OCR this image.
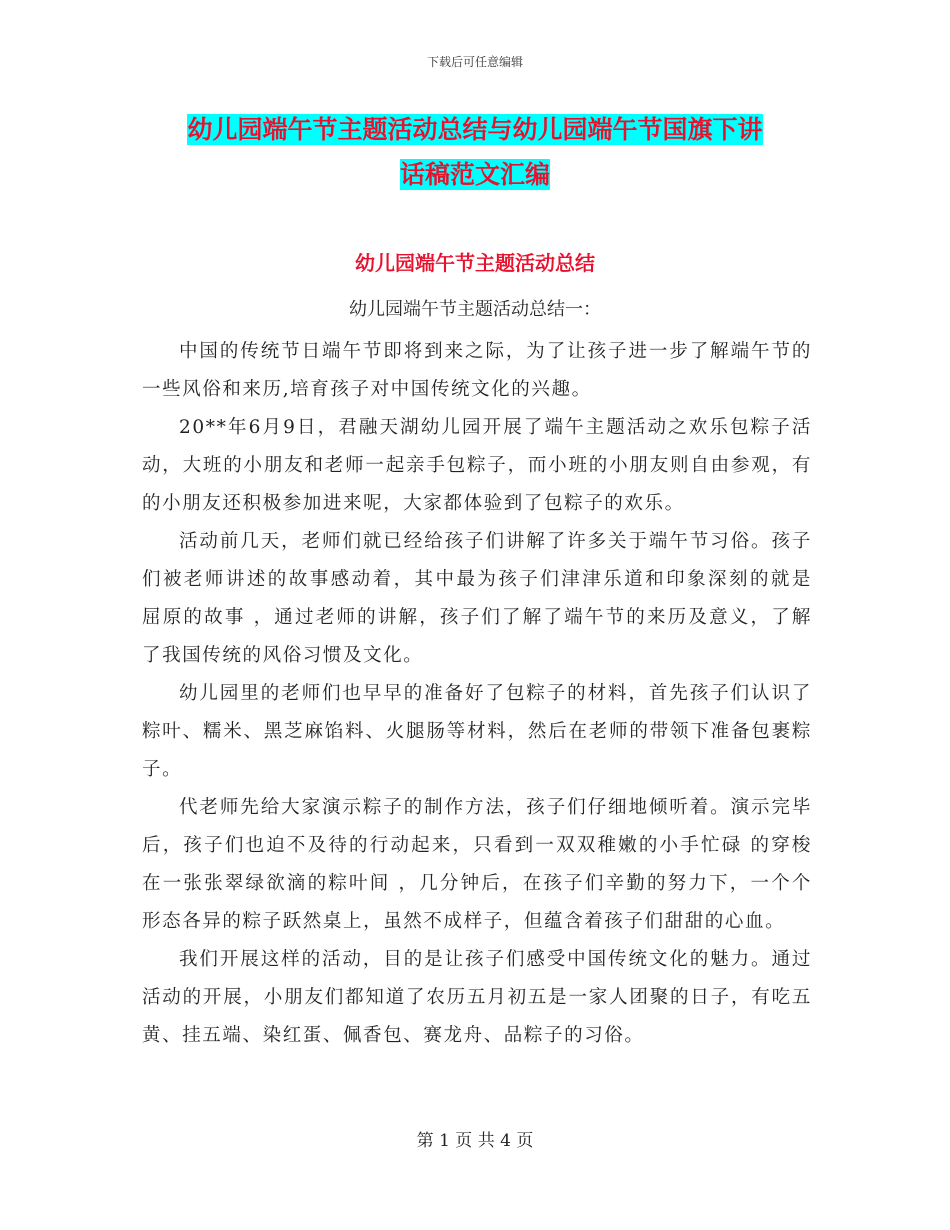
下载后可任意编辑
幼儿园端午节主题活动总结与幼儿园端午节国旗下讲
话稿范文汇编
幼儿园端午节主题活动总结
幼儿园端午节主题活动总结一：

中国的传统节日端午节即将到来之际，为了让孩子进一步了解端午节的一些风俗和来历,培育孩子对中国传统文化的兴趣。

20**年6月9日，君融天湖幼儿园开展了端午主题活动之欢乐包粽子活动，大班的小朋友和老师一起亲手包粽子，而小班的小朋友则自由参观，有的小朋友还积极参加进来呢，大家都体验到了包粽子的欢乐。

活动前几天，老师们就已经给孩子们讲解了许多关于端午节习俗。孩子们被老师讲述的故事感动着，其中最为孩子们津津乐道和印象深刻的就是 屈原的故事 ，通过老师的讲解，孩子们了解了端午节的来历及意义，了解了我国传统的风俗习惯及文化。

幼儿园里的老师们也早早的准备好了包粽子的材料，首先孩子们认识了粽叶、糯米、黑芝麻馅料、火腿肠等材料，然后在老师的带领下准备包裹粽子。

代老师先给大家演示粽子的制作方法，孩子们仔细地倾听着。演示完毕后，孩子们也迫不及待的行动起来，只看到一双双稚嫩的小手忙碌 的穿梭在一张张翠绿欲滴的粽叶间 ，几分钟后，在孩子们辛勤的努力下，一个个形态各异的粽子跃然桌上，虽然不成样子，但蕴含着孩子们甜甜的心血。

我们开展这样的活动，目的是让孩子们感受中国传统文化的魅力。通过活动的开展，小朋友们都知道了农历五月初五是一家人团聚的日子，有吃五黄、挂五端、染红蛋、佩香包、赛龙舟、品粽子的习俗。

第 1 页 共 4 页
